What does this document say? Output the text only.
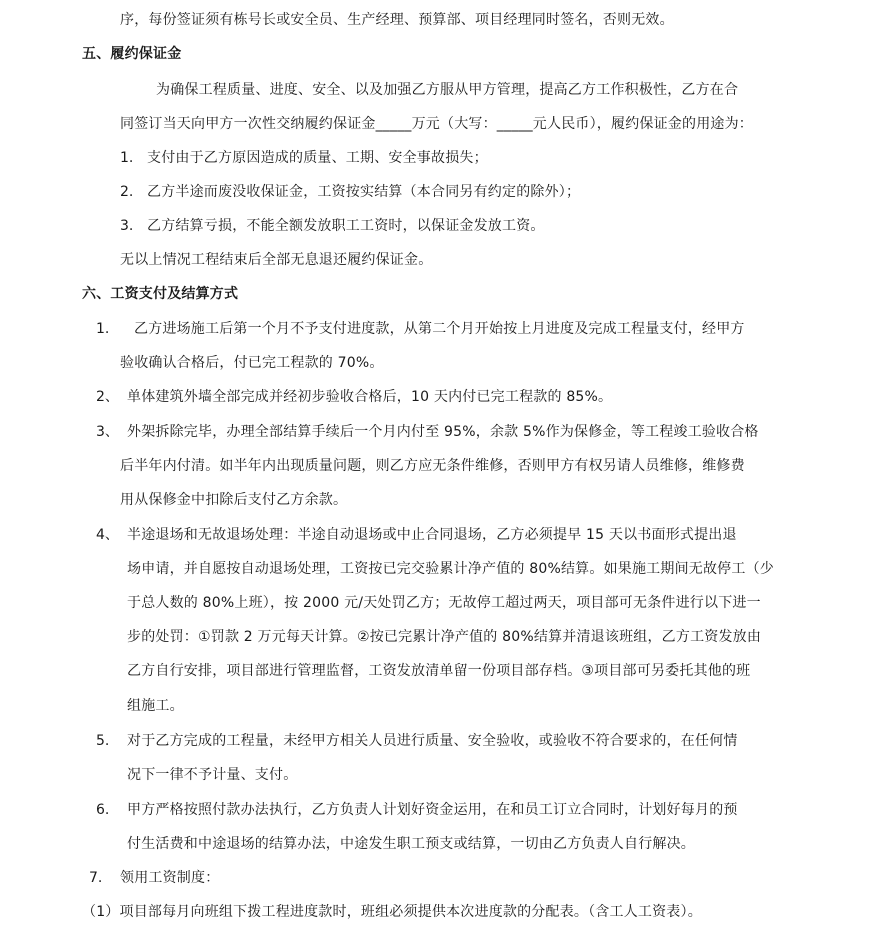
序，每份签证须有栋号长或安全员、生产经理、预算部、项目经理同时签名，否则无效。
五、履约保证金
为确保工程质量、进度、安全、以及加强乙方服从甲方管理，提高乙方工作积极性，乙方在合
同签订当天向甲方一次性交纳履约保证金_____万元（大写：_____元人民币），履约保证金的用途为：
1. 支付由于乙方原因造成的质量、工期、安全事故损失；
2. 乙方半途而废没收保证金，工资按实结算（本合同另有约定的除外）；
3. 乙方结算亏损，不能全额发放职工工资时，以保证金发放工资。
无以上情况工程结束后全部无息退还履约保证金。
六、工资支付及结算方式
1. 乙方进场施工后第一个月不予支付进度款，从第二个月开始按上月进度及完成工程量支付，经甲方
验收确认合格后，付已完工程款的 70%。
2、 单体建筑外墙全部完成并经初步验收合格后，10 天内付已完工程款的 85%。
3、 外架拆除完毕，办理全部结算手续后一个月内付至 95%，余款 5%作为保修金，等工程竣工验收合格
后半年内付清。如半年内出现质量问题，则乙方应无条件维修，否则甲方有权另请人员维修，维修费
用从保修金中扣除后支付乙方余款。
4、 半途退场和无故退场处理：半途自动退场或中止合同退场，乙方必须提早 15 天以书面形式提出退
场申请，并自愿按自动退场处理，工资按已完交验累计净产值的 80%结算。如果施工期间无故停工（少
于总人数的 80%上班），按 2000 元/天处罚乙方；无故停工超过两天，项目部可无条件进行以下进一
步的处罚：①罚款 2 万元每天计算。②按已完累计净产值的 80%结算并清退该班组，乙方工资发放由
乙方自行安排，项目部进行管理监督，工资发放清单留一份项目部存档。③项目部可另委托其他的班
组施工。
5. 对于乙方完成的工程量，未经甲方相关人员进行质量、安全验收，或验收不符合要求的，在任何情
况下一律不予计量、支付。
6. 甲方严格按照付款办法执行，乙方负责人计划好资金运用，在和员工订立合同时，计划好每月的预
付生活费和中途退场的结算办法，中途发生职工预支或结算，一切由乙方负责人自行解决。
7. 领用工资制度：
（1）项目部每月向班组下拨工程进度款时，班组必须提供本次进度款的分配表。（含工人工资表）。
